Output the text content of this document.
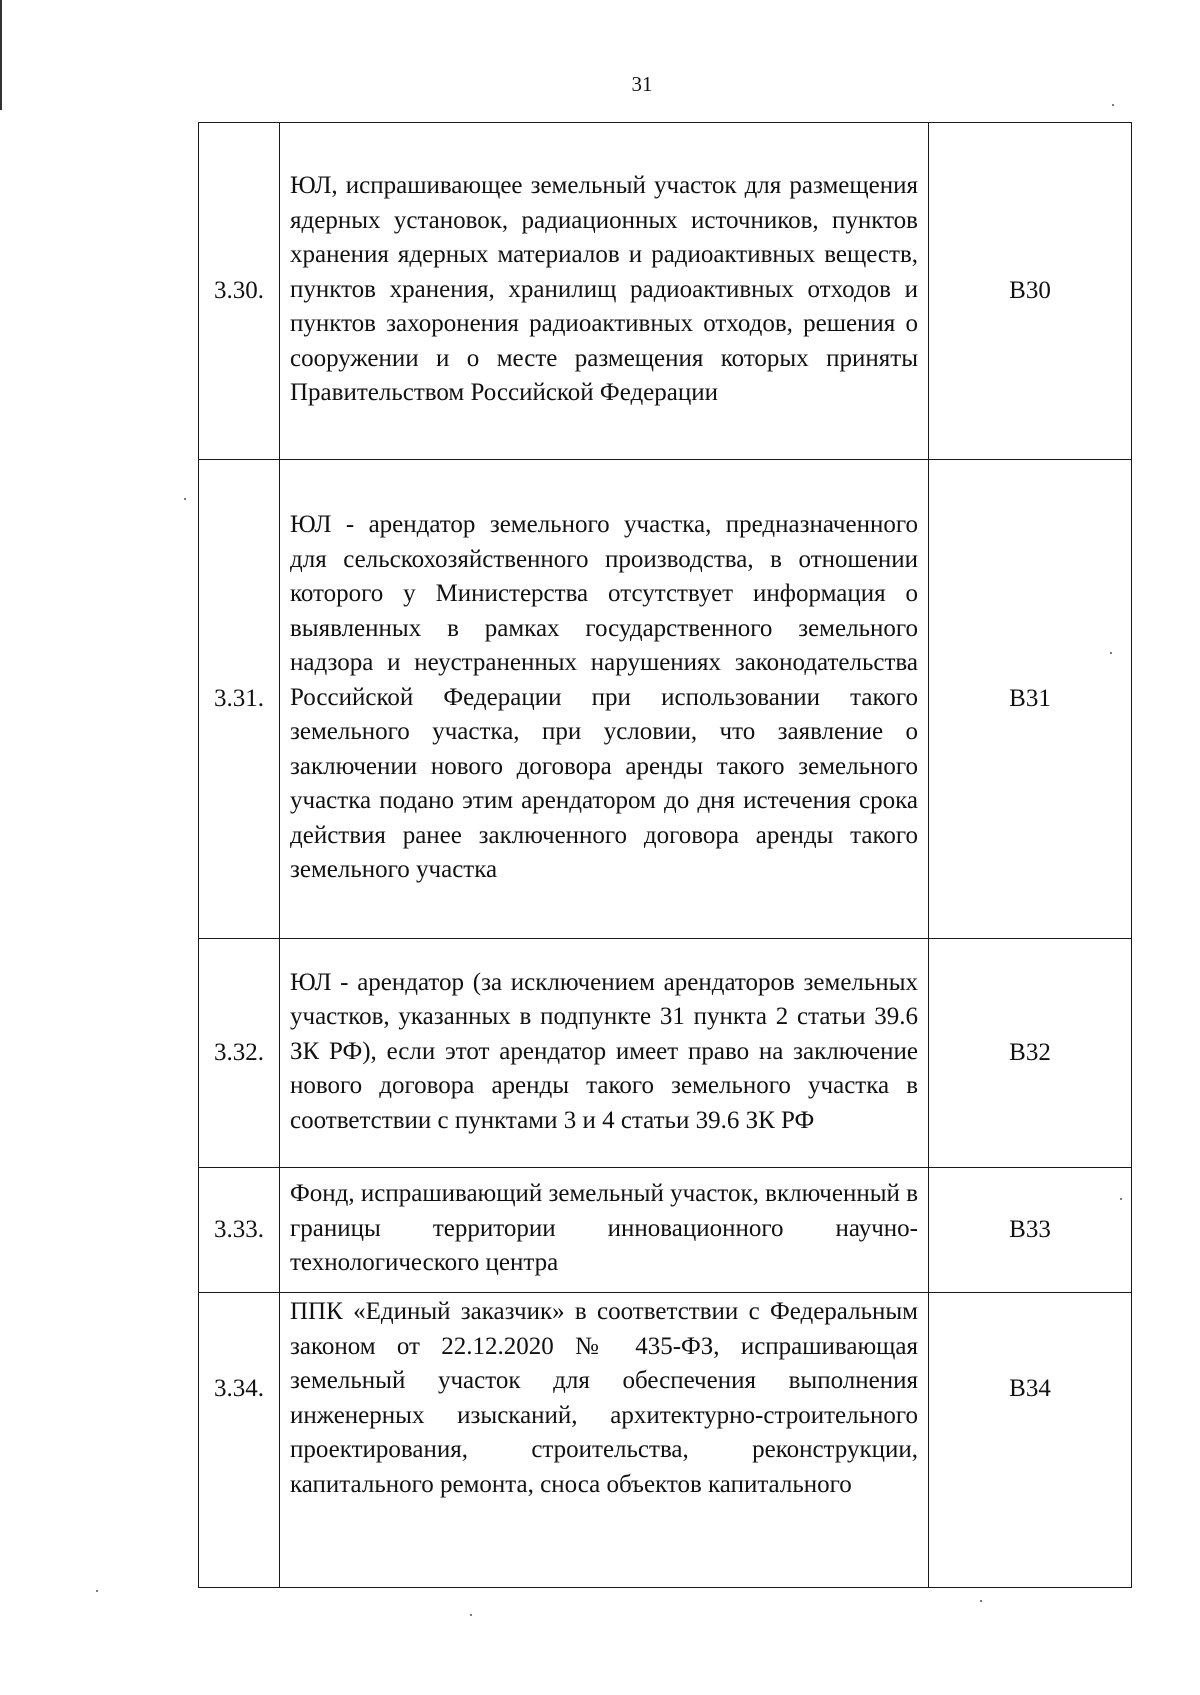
31
3.30.	ЮЛ, испрашивающее земельный участок для размещения ядерных установок, радиационных источников, пунктов хранения ядерных материалов и радиоактивных веществ, пунктов хранения, хранилищ радиоактивных отходов и пунктов захоронения радиоактивных отходов, решения о сооружении и о месте размещения которых приняты Правительством Российской Федерации	В30
3.31.	ЮЛ - арендатор земельного участка, предназначенного для сельскохозяйственного производства, в отношении которого у Министерства отсутствует информация о выявленных в рамках государственного земельного надзора и неустраненных нарушениях законодательства Российской Федерации при использовании такого земельного участка, при условии, что заявление о заключении нового договора аренды такого земельного участка подано этим арендатором до дня истечения срока действия ранее заключенного договора аренды такого земельного участка	В31
3.32.	ЮЛ - арендатор (за исключением арендаторов земельных участков, указанных в подпункте 31 пункта 2 статьи 39.6 ЗК РФ), если этот арендатор имеет право на заключение нового договора аренды такого земельного участка в соответствии с пунктами 3 и 4 статьи 39.6 ЗК РФ	В32
3.33.	Фонд, испрашивающий земельный участок, включенный в границы территории инновационного научно-технологического центра	В33
3.34.	ППК «Единый заказчик» в соответствии с Федеральным законом от 22.12.2020 № 435-ФЗ, испрашивающая земельный участок для обеспечения выполнения инженерных изысканий, архитектурно-строительного проектирования, строительства, реконструкции, капитального ремонта, сноса объектов капитального	В34
